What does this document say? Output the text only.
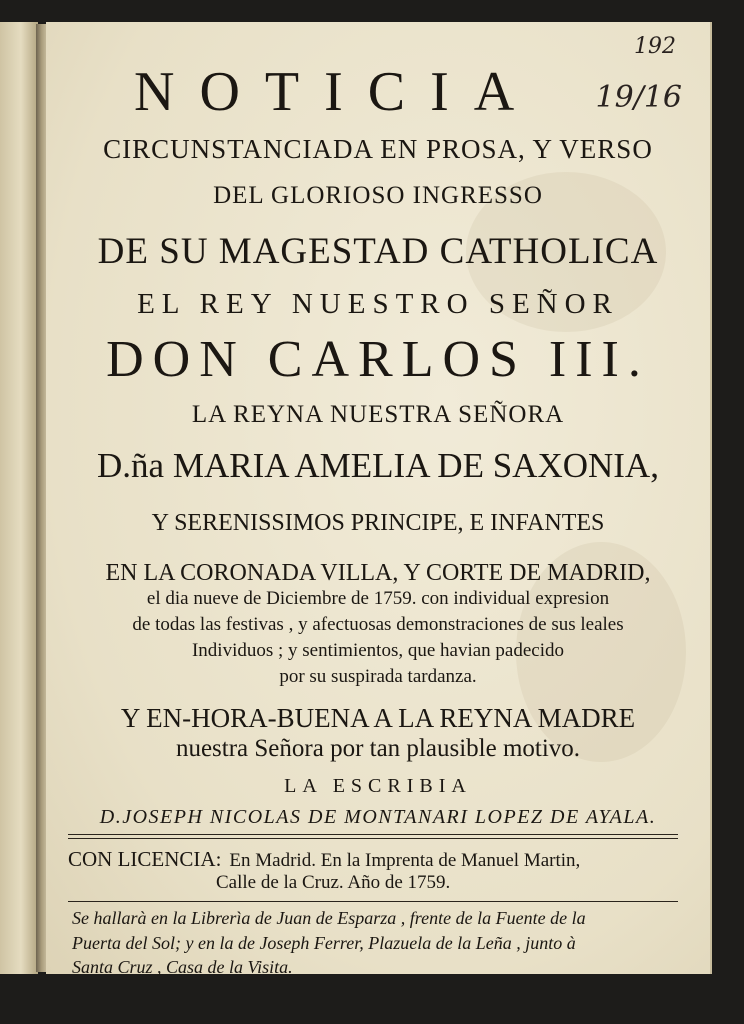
192
19/16
NOTICIA
CIRCUNSTANCIADA EN PROSA, Y VERSO
DEL GLORIOSO INGRESSO
DE SU MAGESTAD CATHOLICA
EL REY NUESTRO SEÑOR
DON CARLOS III.
LA REYNA NUESTRA SEÑORA
D.ña MARIA AMELIA DE SAXONIA,
Y SERENISSIMOS PRINCIPE, E INFANTES
EN LA CORONADA VILLA, Y CORTE DE MADRID,
el dia nueve de Diciembre de 1759. con individual expresion
de todas las festivas , y afectuosas demonstraciones de sus leales
Individuos ; y sentimientos, que havian padecido
por su suspirada tardanza.
Y EN-HORA-BUENA A LA REYNA MADRE
nuestra Señora por tan plausible motivo.
LA ESCRIBIA
D.JOSEPH NICOLAS DE MONTANARI LOPEZ DE AYALA.
CON LICENCIA: En Madrid. En la Imprenta de Manuel Martin,
Calle de la Cruz. Año de 1759.
Se hallarà en la Librerìa de Juan de Esparza , frente de la Fuente de la
Puerta del Sol; y en la de Joseph Ferrer, Plazuela de la Leña , junto à
Santa Cruz , Casa de la Visita.
